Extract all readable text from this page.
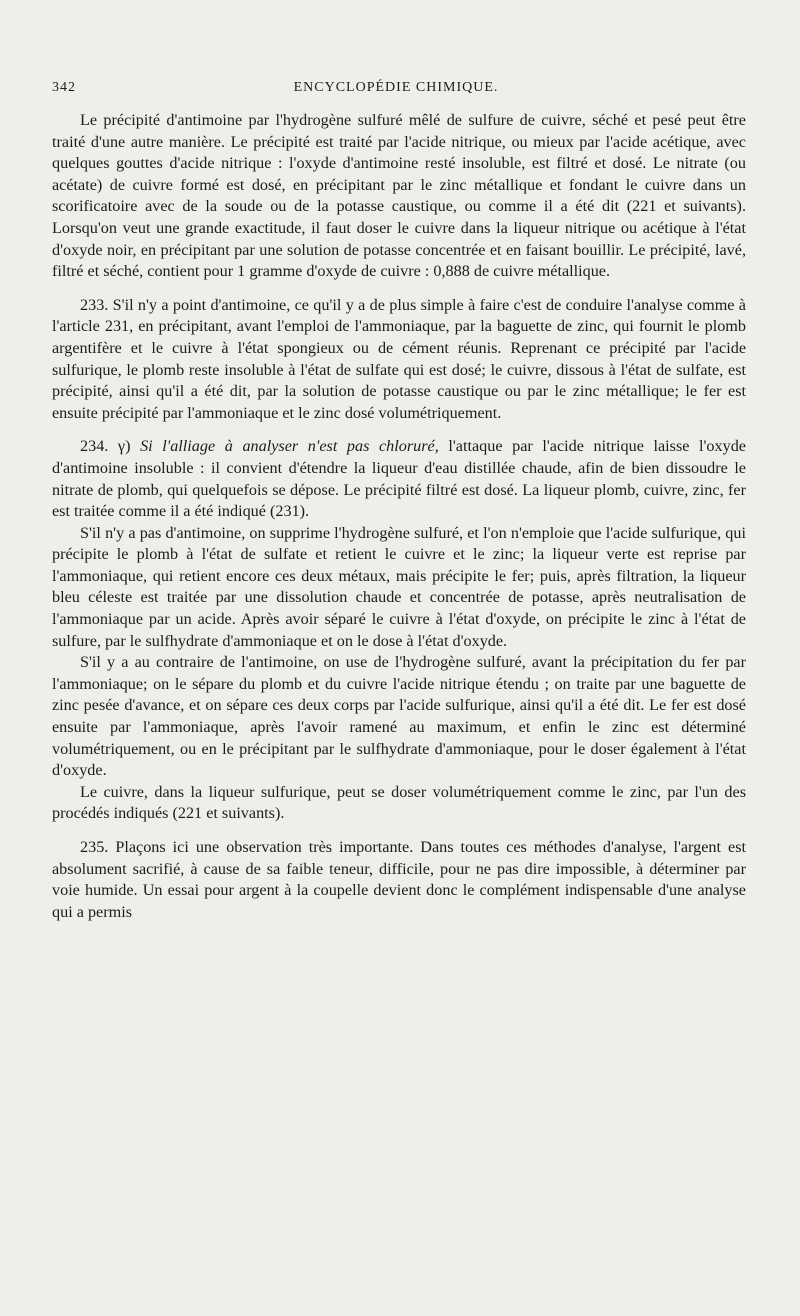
342	ENCYCLOPÉDIE CHIMIQUE.

Le précipité d'antimoine par l'hydrogène sulfuré mêlé de sulfure de cuivre, séché et pesé peut être traité d'une autre manière. Le précipité est traité par l'acide nitrique, ou mieux par l'acide acétique, avec quelques gouttes d'acide nitrique : l'oxyde d'antimoine resté insoluble, est filtré et dosé. Le nitrate (ou acétate) de cuivre formé est dosé, en précipitant par le zinc métallique et fondant le cuivre dans un scorificatoire avec de la soude ou de la potasse caustique, ou comme il a été dit (221 et suivants). Lorsqu'on veut une grande exactitude, il faut doser le cuivre dans la liqueur nitrique ou acétique à l'état d'oxyde noir, en précipitant par une solution de potasse concentrée et en faisant bouillir. Le précipité, lavé, filtré et séché, contient pour 1 gramme d'oxyde de cuivre : 0,888 de cuivre métallique.

233. S'il n'y a point d'antimoine, ce qu'il y a de plus simple à faire c'est de conduire l'analyse comme à l'article 231, en précipitant, avant l'emploi de l'ammoniaque, par la baguette de zinc, qui fournit le plomb argentifère et le cuivre à l'état spongieux ou de cément réunis. Reprenant ce précipité par l'acide sulfurique, le plomb reste insoluble à l'état de sulfate qui est dosé; le cuivre, dissous à l'état de sulfate, est précipité, ainsi qu'il a été dit, par la solution de potasse caustique ou par le zinc métallique; le fer est ensuite précipité par l'ammoniaque et le zinc dosé volumétriquement.

234. γ) Si l'alliage à analyser n'est pas chloruré, l'attaque par l'acide nitrique laisse l'oxyde d'antimoine insoluble : il convient d'étendre la liqueur d'eau distillée chaude, afin de bien dissoudre le nitrate de plomb, qui quelquefois se dépose. Le précipité filtré est dosé. La liqueur plomb, cuivre, zinc, fer est traitée comme il a été indiqué (231).

S'il n'y a pas d'antimoine, on supprime l'hydrogène sulfuré, et l'on n'emploie que l'acide sulfurique, qui précipite le plomb à l'état de sulfate et retient le cuivre et le zinc; la liqueur verte est reprise par l'ammoniaque, qui retient encore ces deux métaux, mais précipite le fer; puis, après filtration, la liqueur bleu céleste est traitée par une dissolution chaude et concentrée de potasse, après neutralisation de l'ammoniaque par un acide. Après avoir séparé le cuivre à l'état d'oxyde, on précipite le zinc à l'état de sulfure, par le sulfhydrate d'ammoniaque et on le dose à l'état d'oxyde.

S'il y a au contraire de l'antimoine, on use de l'hydrogène sulfuré, avant la précipitation du fer par l'ammoniaque; on le sépare du plomb et du cuivre l'acide nitrique étendu ; on traite par une baguette de zinc pesée d'avance, et on sépare ces deux corps par l'acide sulfurique, ainsi qu'il a été dit. Le fer est dosé ensuite par l'ammoniaque, après l'avoir ramené au maximum, et enfin le zinc est déterminé volumétriquement, ou en le précipitant par le sulfhydrate d'ammoniaque, pour le doser également à l'état d'oxyde.

Le cuivre, dans la liqueur sulfurique, peut se doser volumétriquement comme le zinc, par l'un des procédés indiqués (221 et suivants).

235. Plaçons ici une observation très importante. Dans toutes ces méthodes d'analyse, l'argent est absolument sacrifié, à cause de sa faible teneur, difficile, pour ne pas dire impossible, à déterminer par voie humide. Un essai pour argent à la coupelle devient donc le complément indispensable d'une analyse qui a permis
